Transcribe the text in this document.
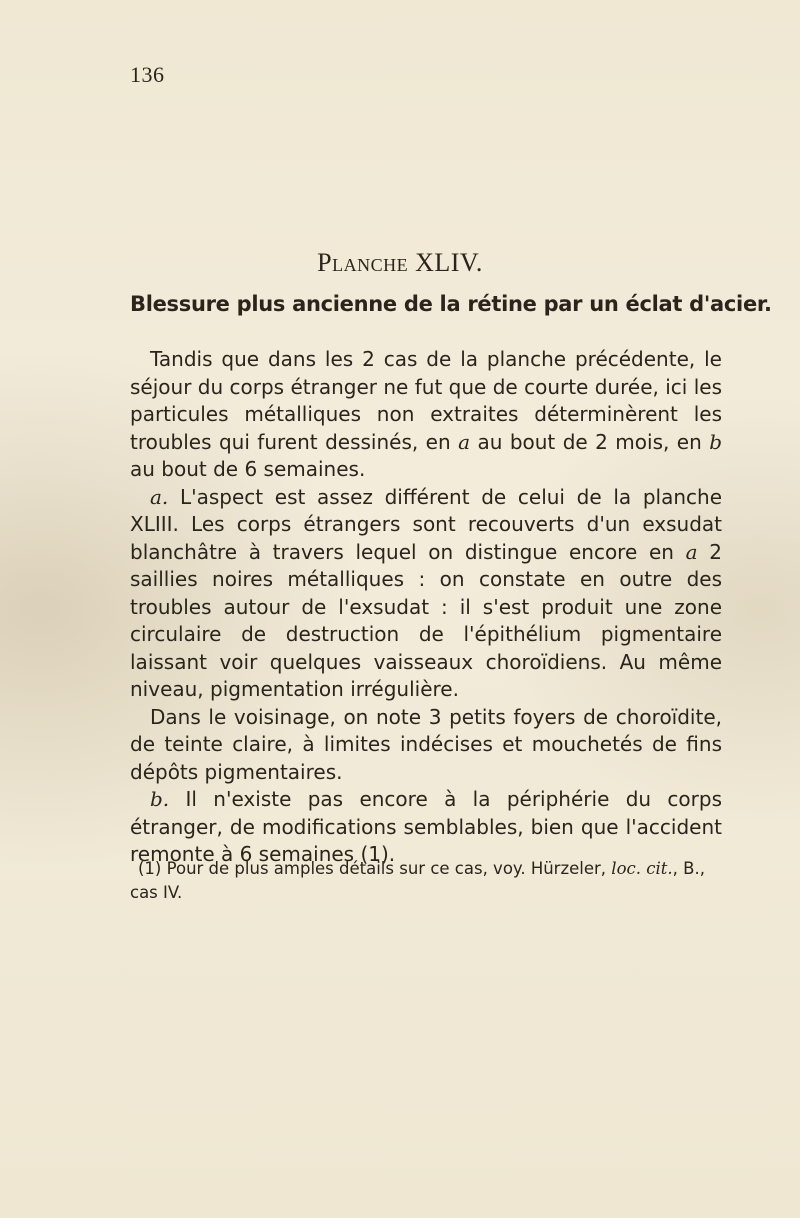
136
Planche XLIV.
Blessure plus ancienne de la rétine par un éclat d'acier.

Tandis que dans les 2 cas de la planche précédente, le séjour du corps étranger ne fut que de courte durée, ici les particules métalliques non extraites déterminèrent les troubles qui furent dessinés, en a au bout de 2 mois, en b au bout de 6 semaines.

a. L'aspect est assez différent de celui de la planche XLIII. Les corps étrangers sont recouverts d'un exsudat blanchâtre à travers lequel on distingue encore en a 2 saillies noires métalliques : on constate en outre des troubles autour de l'exsudat : il s'est produit une zone circulaire de destruction de l'épithélium pigmentaire laissant voir quelques vaisseaux choroïdiens. Au même niveau, pigmentation irrégulière.

Dans le voisinage, on note 3 petits foyers de choroïdite, de teinte claire, à limites indécises et mouchetés de fins dépôts pigmentaires.

b. Il n'existe pas encore à la périphérie du corps étranger, de modifications semblables, bien que l'accident remonte à 6 semaines (1).

(1) Pour de plus amples détails sur ce cas, voy. Hürzeler, loc. cit., B., cas IV.
